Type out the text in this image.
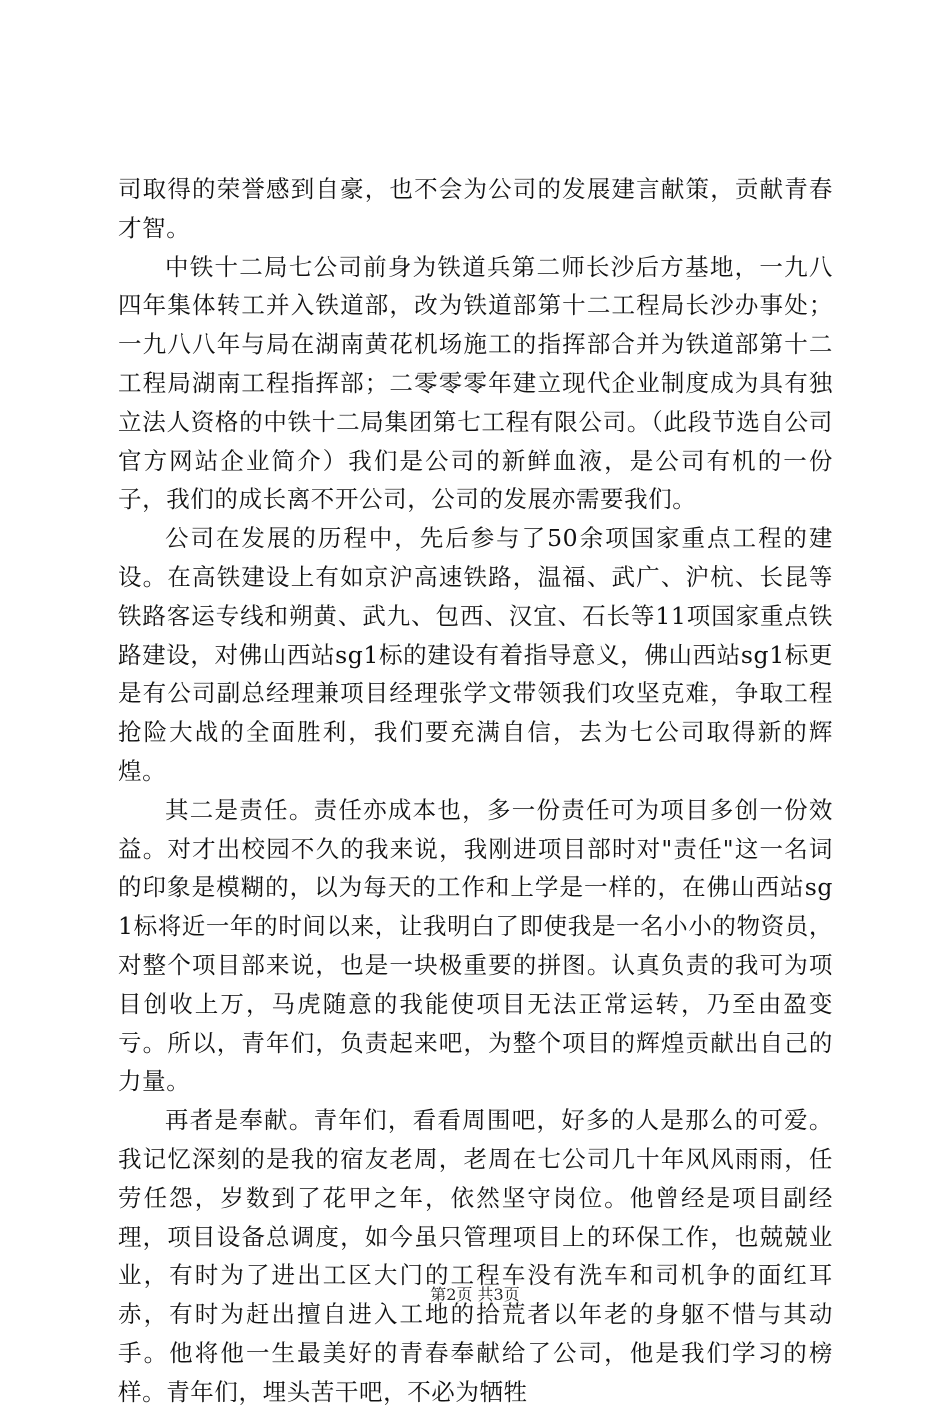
司取得的荣誉感到自豪，也不会为公司的发展建言献策，贡献青春才智。

中铁十二局七公司前身为铁道兵第二师长沙后方基地，一九八四年集体转工并入铁道部，改为铁道部第十二工程局长沙办事处；一九八八年与局在湖南黄花机场施工的指挥部合并为铁道部第十二工程局湖南工程指挥部；二零零零年建立现代企业制度成为具有独立法人资格的中铁十二局集团第七工程有限公司。（此段节选自公司官方网站企业简介）我们是公司的新鲜血液，是公司有机的一份子，我们的成长离不开公司，公司的发展亦需要我们。

公司在发展的历程中，先后参与了50余项国家重点工程的建设。在高铁建设上有如京沪高速铁路，温福、武广、沪杭、长昆等铁路客运专线和朔黄、武九、包西、汉宜、石长等11项国家重点铁路建设，对佛山西站sg1标的建设有着指导意义，佛山西站sg1标更是有公司副总经理兼项目经理张学文带领我们攻坚克难，争取工程抢险大战的全面胜利，我们要充满自信，去为七公司取得新的辉煌。

其二是责任。责任亦成本也，多一份责任可为项目多创一份效益。对才出校园不久的我来说，我刚进项目部时对"责任"这一名词的印象是模糊的，以为每天的工作和上学是一样的，在佛山西站sg1标将近一年的时间以来，让我明白了即使我是一名小小的物资员，对整个项目部来说，也是一块极重要的拼图。认真负责的我可为项目创收上万，马虎随意的我能使项目无法正常运转，乃至由盈变亏。所以，青年们，负责起来吧，为整个项目的辉煌贡献出自己的力量。

再者是奉献。青年们，看看周围吧，好多的人是那么的可爱。我记忆深刻的是我的宿友老周，老周在七公司几十年风风雨雨，任劳任怨，岁数到了花甲之年，依然坚守岗位。他曾经是项目副经理，项目设备总调度，如今虽只管理项目上的环保工作，也兢兢业业，有时为了进出工区大门的工程车没有洗车和司机争的面红耳赤，有时为赶出擅自进入工地的拾荒者以年老的身躯不惜与其动手。他将他一生最美好的青春奉献给了公司，他是我们学习的榜样。青年们，埋头苦干吧，不必为牺牲

第2页 共3页
